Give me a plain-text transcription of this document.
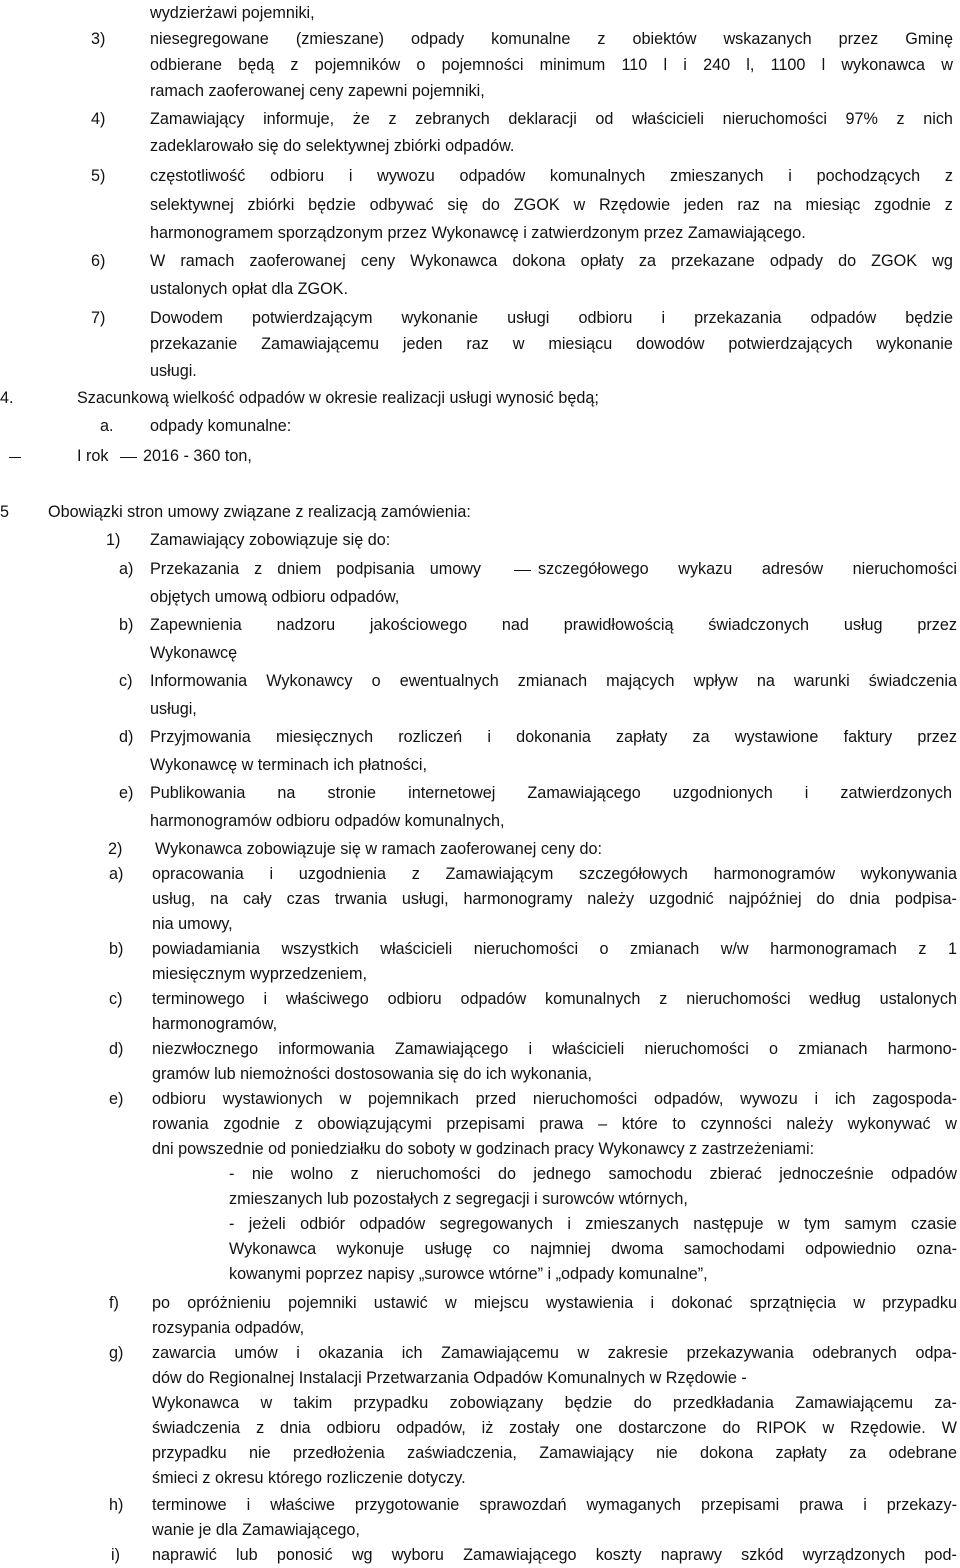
wydzierżawi pojemniki,
3)	niesegregowane (zmieszane) odpady komunalne z obiektów wskazanych przez Gminę
odbierane będą z pojemników o pojemności minimum 110 l i 240 l, 1100 l wykonawca w
ramach zaoferowanej ceny zapewni pojemniki,
4)	Zamawiający informuje, że z zebranych deklaracji od właścicieli nieruchomości 97% z nich
zadeklarowało się do selektywnej zbiórki odpadów.
5)	częstotliwość odbioru i wywozu odpadów komunalnych zmieszanych i pochodzących z
selektywnej zbiórki będzie odbywać się do ZGOK w Rzędowie jeden raz na miesiąc zgodnie z
harmonogramem sporządzonym przez Wykonawcę i zatwierdzonym przez Zamawiającego.
6)	W ramach zaoferowanej ceny Wykonawca dokona opłaty za przekazane odpady do ZGOK wg
ustalonych opłat dla ZGOK.
7)	Dowodem potwierdzającym wykonanie usługi odbioru i przekazania odpadów będzie
przekazanie Zamawiającemu jeden raz w miesiącu dowodów potwierdzających wykonanie
usługi.
4.	Szacunkową wielkość odpadów w okresie realizacji usługi wynosić będą;
a. odpady komunalne:
I rok 2016 - 360 ton,
5 Obowiązki stron umowy związane z realizacją zamówienia:
1) Zamawiający zobowiązuje się do:
a) Przekazania z dniem podpisania umowy	szczegółowego wykazu adresów nieruchomości
objętych umową odbioru odpadów,
b) Zapewnienia nadzoru jakościowego nad prawidłowością świadczonych usług przez
Wykonawcę
c) Informowania Wykonawcy o ewentualnych zmianach mających wpływ na warunki świadczenia
usługi,
d) Przyjmowania miesięcznych rozliczeń i dokonania zapłaty za wystawione faktury przez
Wykonawcę w terminach ich płatności,
e) Publikowania na stronie internetowej Zamawiającego uzgodnionych i zatwierdzonych
harmonogramów odbioru odpadów komunalnych,
2) Wykonawca zobowiązuje się w ramach zaoferowanej ceny do:
a) opracowania i uzgodnienia z Zamawiającym szczegółowych harmonogramów wykonywania
usług, na cały czas trwania usługi, harmonogramy należy uzgodnić najpóźniej do dnia podpisa-
nia umowy,
b) powiadamiania wszystkich właścicieli nieruchomości o zmianach w/w harmonogramach z 1
miesięcznym wyprzedzeniem,
c) terminowego i właściwego odbioru odpadów komunalnych z nieruchomości według ustalonych
harmonogramów,
d) niezwłocznego informowania Zamawiającego i właścicieli nieruchomości o zmianach harmono-
gramów lub niemożności dostosowania się do ich wykonania,
e) odbioru wystawionych w pojemnikach przed nieruchomości odpadów, wywozu i ich zagospoda-
rowania zgodnie z obowiązującymi przepisami prawa – które to czynności należy wykonywać w
dni powszednie od poniedziałku do soboty w godzinach pracy Wykonawcy z zastrzeżeniami:
- nie wolno z nieruchomości do jednego samochodu zbierać jednocześnie odpadów
zmieszanych lub pozostałych z segregacji i surowców wtórnych,
- jeżeli odbiór odpadów segregowanych i zmieszanych następuje w tym samym czasie
Wykonawca wykonuje usługę co najmniej dwoma samochodami odpowiednio ozna-
kowanymi poprzez napisy „surowce wtórne” i „odpady komunalne”,
f) po opróżnieniu pojemniki ustawić w miejscu wystawienia i dokonać sprzątnięcia w przypadku
rozsypania odpadów,
g) zawarcia umów i okazania ich Zamawiającemu w zakresie przekazywania odebranych odpa-
dów do Regionalnej Instalacji Przetwarzania Odpadów Komunalnych w Rzędowie -
Wykonawca w takim przypadku zobowiązany będzie do przedkładania Zamawiającemu za-
świadczenia z dnia odbioru odpadów, iż zostały one dostarczone do RIPOK w Rzędowie. W
przypadku nie przedłożenia zaświadczenia, Zamawiający nie dokona zapłaty za odebrane
śmieci z okresu którego rozliczenie dotyczy.
h) terminowe i właściwe przygotowanie sprawozdań wymaganych przepisami prawa i przekazy-
wanie je dla Zamawiającego,
i) naprawić lub ponosić wg wyboru Zamawiającego koszty naprawy szkód wyrządzonych pod-
